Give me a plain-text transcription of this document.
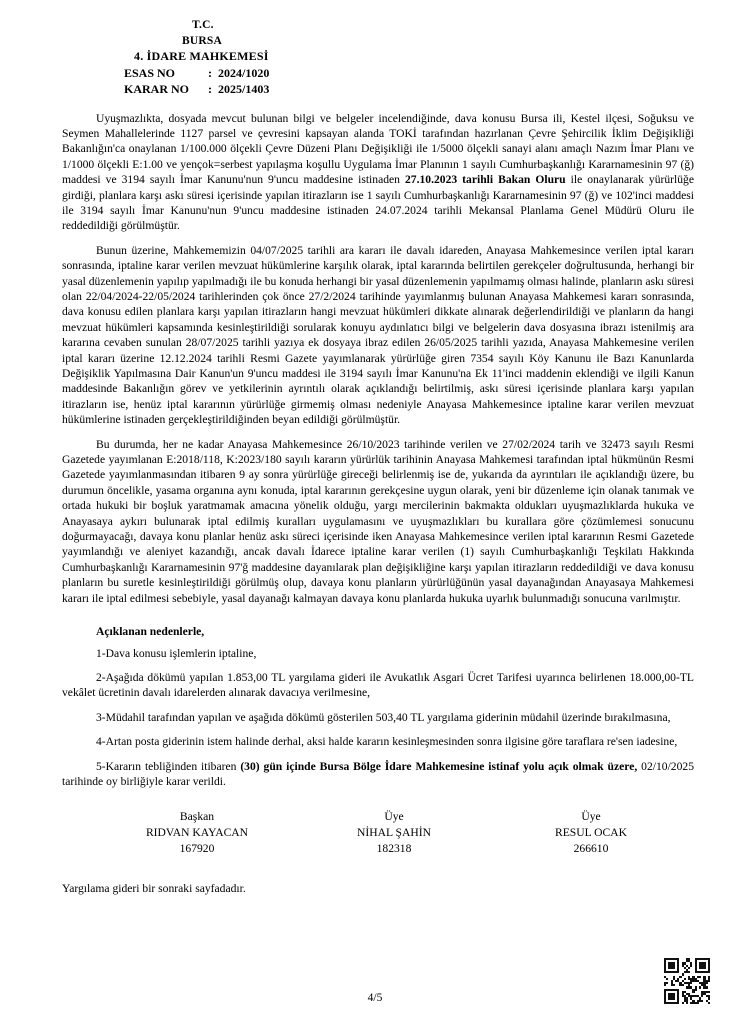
T.C.
BURSA
4. İDARE MAHKEMESİ
ESAS NO	: 2024/1020
KARAR NO : 2025/1403

Uyuşmazlıkta, dosyada mevcut bulunan bilgi ve belgeler incelendiğinde, dava konusu Bursa ili, Kestel ilçesi, Soğuksu ve Seymen Mahallelerinde 1127 parsel ve çevresini kapsayan alanda TOKİ tarafından hazırlanan Çevre Şehircilik İklim Değişikliği Bakanlığın'ca onaylanan 1/100.000 ölçekli Çevre Düzeni Planı Değişikliği ile 1/5000 ölçekli sanayi alanı amaçlı Nazım İmar Planı ve 1/1000 ölçekli E:1.00 ve yençok=serbest yapılaşma koşullu Uygulama İmar Planının 1 sayılı Cumhurbaşkanlığı Kararnamesinin 97 (ğ) maddesi ve 3194 sayılı İmar Kanunu'nun 9'uncu maddesine istinaden 27.10.2023 tarihli Bakan Oluru ile onaylanarak yürürlüğe girdiği, planlara karşı askı süresi içerisinde yapılan itirazların ise 1 sayılı Cumhurbaşkanlığı Kararnamesinin 97 (ğ) ve 102'inci maddesi ile 3194 sayılı İmar Kanunu'nun 9'uncu maddesine istinaden 24.07.2024 tarihli Mekansal Planlama Genel Müdürü Oluru ile reddedildiği görülmüştür.

Bunun üzerine, Mahkememizin 04/07/2025 tarihli ara kararı ile davalı idareden, Anayasa Mahkemesince verilen iptal kararı sonrasında, iptaline karar verilen mevzuat hükümlerine karşılık olarak, iptal kararında belirtilen gerekçeler doğrultusunda, herhangi bir yasal düzenlemenin yapılıp yapılmadığı ile bu konuda herhangi bir yasal düzenlemenin yapılmamış olması halinde, planların askı süresi olan 22/04/2024-22/05/2024 tarihlerinden çok önce 27/2/2024 tarihinde yayımlanmış bulunan Anayasa Mahkemesi kararı sonrasında, dava konusu edilen planlara karşı yapılan itirazların hangi mevzuat hükümleri dikkate alınarak değerlendirildiği ve planların da hangi mevzuat hükümleri kapsamında kesinleştirildiği sorularak konuyu aydınlatıcı bilgi ve belgelerin dava dosyasına ibrazı istenilmiş ara kararına cevaben sunulan 28/07/2025 tarihli yazıya ek dosyaya ibraz edilen 26/05/2025 tarihli yazıda, Anayasa Mahkemesine verilen iptal kararı üzerine 12.12.2024 tarihli Resmi Gazete yayımlanarak yürürlüğe giren 7354 sayılı Köy Kanunu ile Bazı Kanunlarda Değişiklik Yapılmasına Dair Kanun'un 9'uncu maddesi ile 3194 sayılı İmar Kanunu'na Ek 11'inci maddenin eklendiği ve ilgili Kanun maddesinde Bakanlığın görev ve yetkilerinin ayrıntılı olarak açıklandığı belirtilmiş, askı süresi içerisinde planlara karşı yapılan itirazların ise, henüz iptal kararının yürürlüğe girmemiş olması nedeniyle Anayasa Mahkemesince iptaline karar verilen mevzuat hükümlerine istinaden gerçekleştirildiğinden beyan edildiği görülmüştür.

Bu durumda, her ne kadar Anayasa Mahkemesince 26/10/2023 tarihinde verilen ve 27/02/2024 tarih ve 32473 sayılı Resmi Gazetede yayımlanan E:2018/118, K:2023/180 sayılı kararın yürürlük tarihinin Anayasa Mahkemesi tarafından iptal hükmünün Resmi Gazetede yayımlanmasından itibaren 9 ay sonra yürürlüğe gireceği belirlenmiş ise de, yukarıda da ayrıntıları ile açıklandığı üzere, bu durumun öncelikle, yasama organına aynı konuda, iptal kararının gerekçesine uygun olarak, yeni bir düzenleme için olanak tanımak ve ortada hukuki bir boşluk yaratmamak amacına yönelik olduğu, yargı mercilerinin bakmakta oldukları uyuşmazlıklarda hukuka ve Anayasaya aykırı bulunarak iptal edilmiş kuralları uygulamasını ve uyuşmazlıkları bu kurallara göre çözümlemesi sonucunu doğurmayacağı, davaya konu planlar henüz askı süreci içerisinde iken Anayasa Mahkemesince verilen iptal kararının Resmi Gazetede yayımlandığı ve aleniyet kazandığı, ancak davalı İdarece iptaline karar verilen (1) sayılı Cumhurbaşkanlığı Teşkilatı Hakkında Cumhurbaşkanlığı Kararnamesinin 97'ğ maddesine dayanılarak plan değişikliğine karşı yapılan itirazların reddedildiği ve dava konusu planların bu suretle kesinleştirildiği görülmüş olup, davaya konu planların yürürlüğünün yasal dayanağından Anayasaya Mahkemesi kararı ile iptal edilmesi sebebiyle, yasal dayanağı kalmayan davaya konu planlarda hukuka uyarlık bulunmadığı sonucuna varılmıştır.

Açıklanan nedenlerle,

1-Dava konusu işlemlerin iptaline,

2-Aşağıda dökümü yapılan 1.853,00 TL yargılama gideri ile Avukatlık Asgari Ücret Tarifesi uyarınca belirlenen 18.000,00-TL vekâlet ücretinin davalı idarelerden alınarak davacıya verilmesine,

3-Müdahil tarafından yapılan ve aşağıda dökümü gösterilen 503,40 TL yargılama giderinin müdahil üzerinde bırakılmasına,

4-Artan posta giderinin istem halinde derhal, aksi halde kararın kesinleşmesinden sonra ilgisine göre taraflara re'sen iadesine,

5-Kararın tebliğinden itibaren (30) gün içinde Bursa Bölge İdare Mahkemesine istinaf yolu açık olmak üzere, 02/10/2025 tarihinde oy birliğiyle karar verildi.

Başkan
RIDVAN KAYACAN
167920
Üye
NİHAL ŞAHİN
182318
Üye
RESUL OCAK
266610
Yargılama gideri bir sonraki sayfadadır.
4/5
